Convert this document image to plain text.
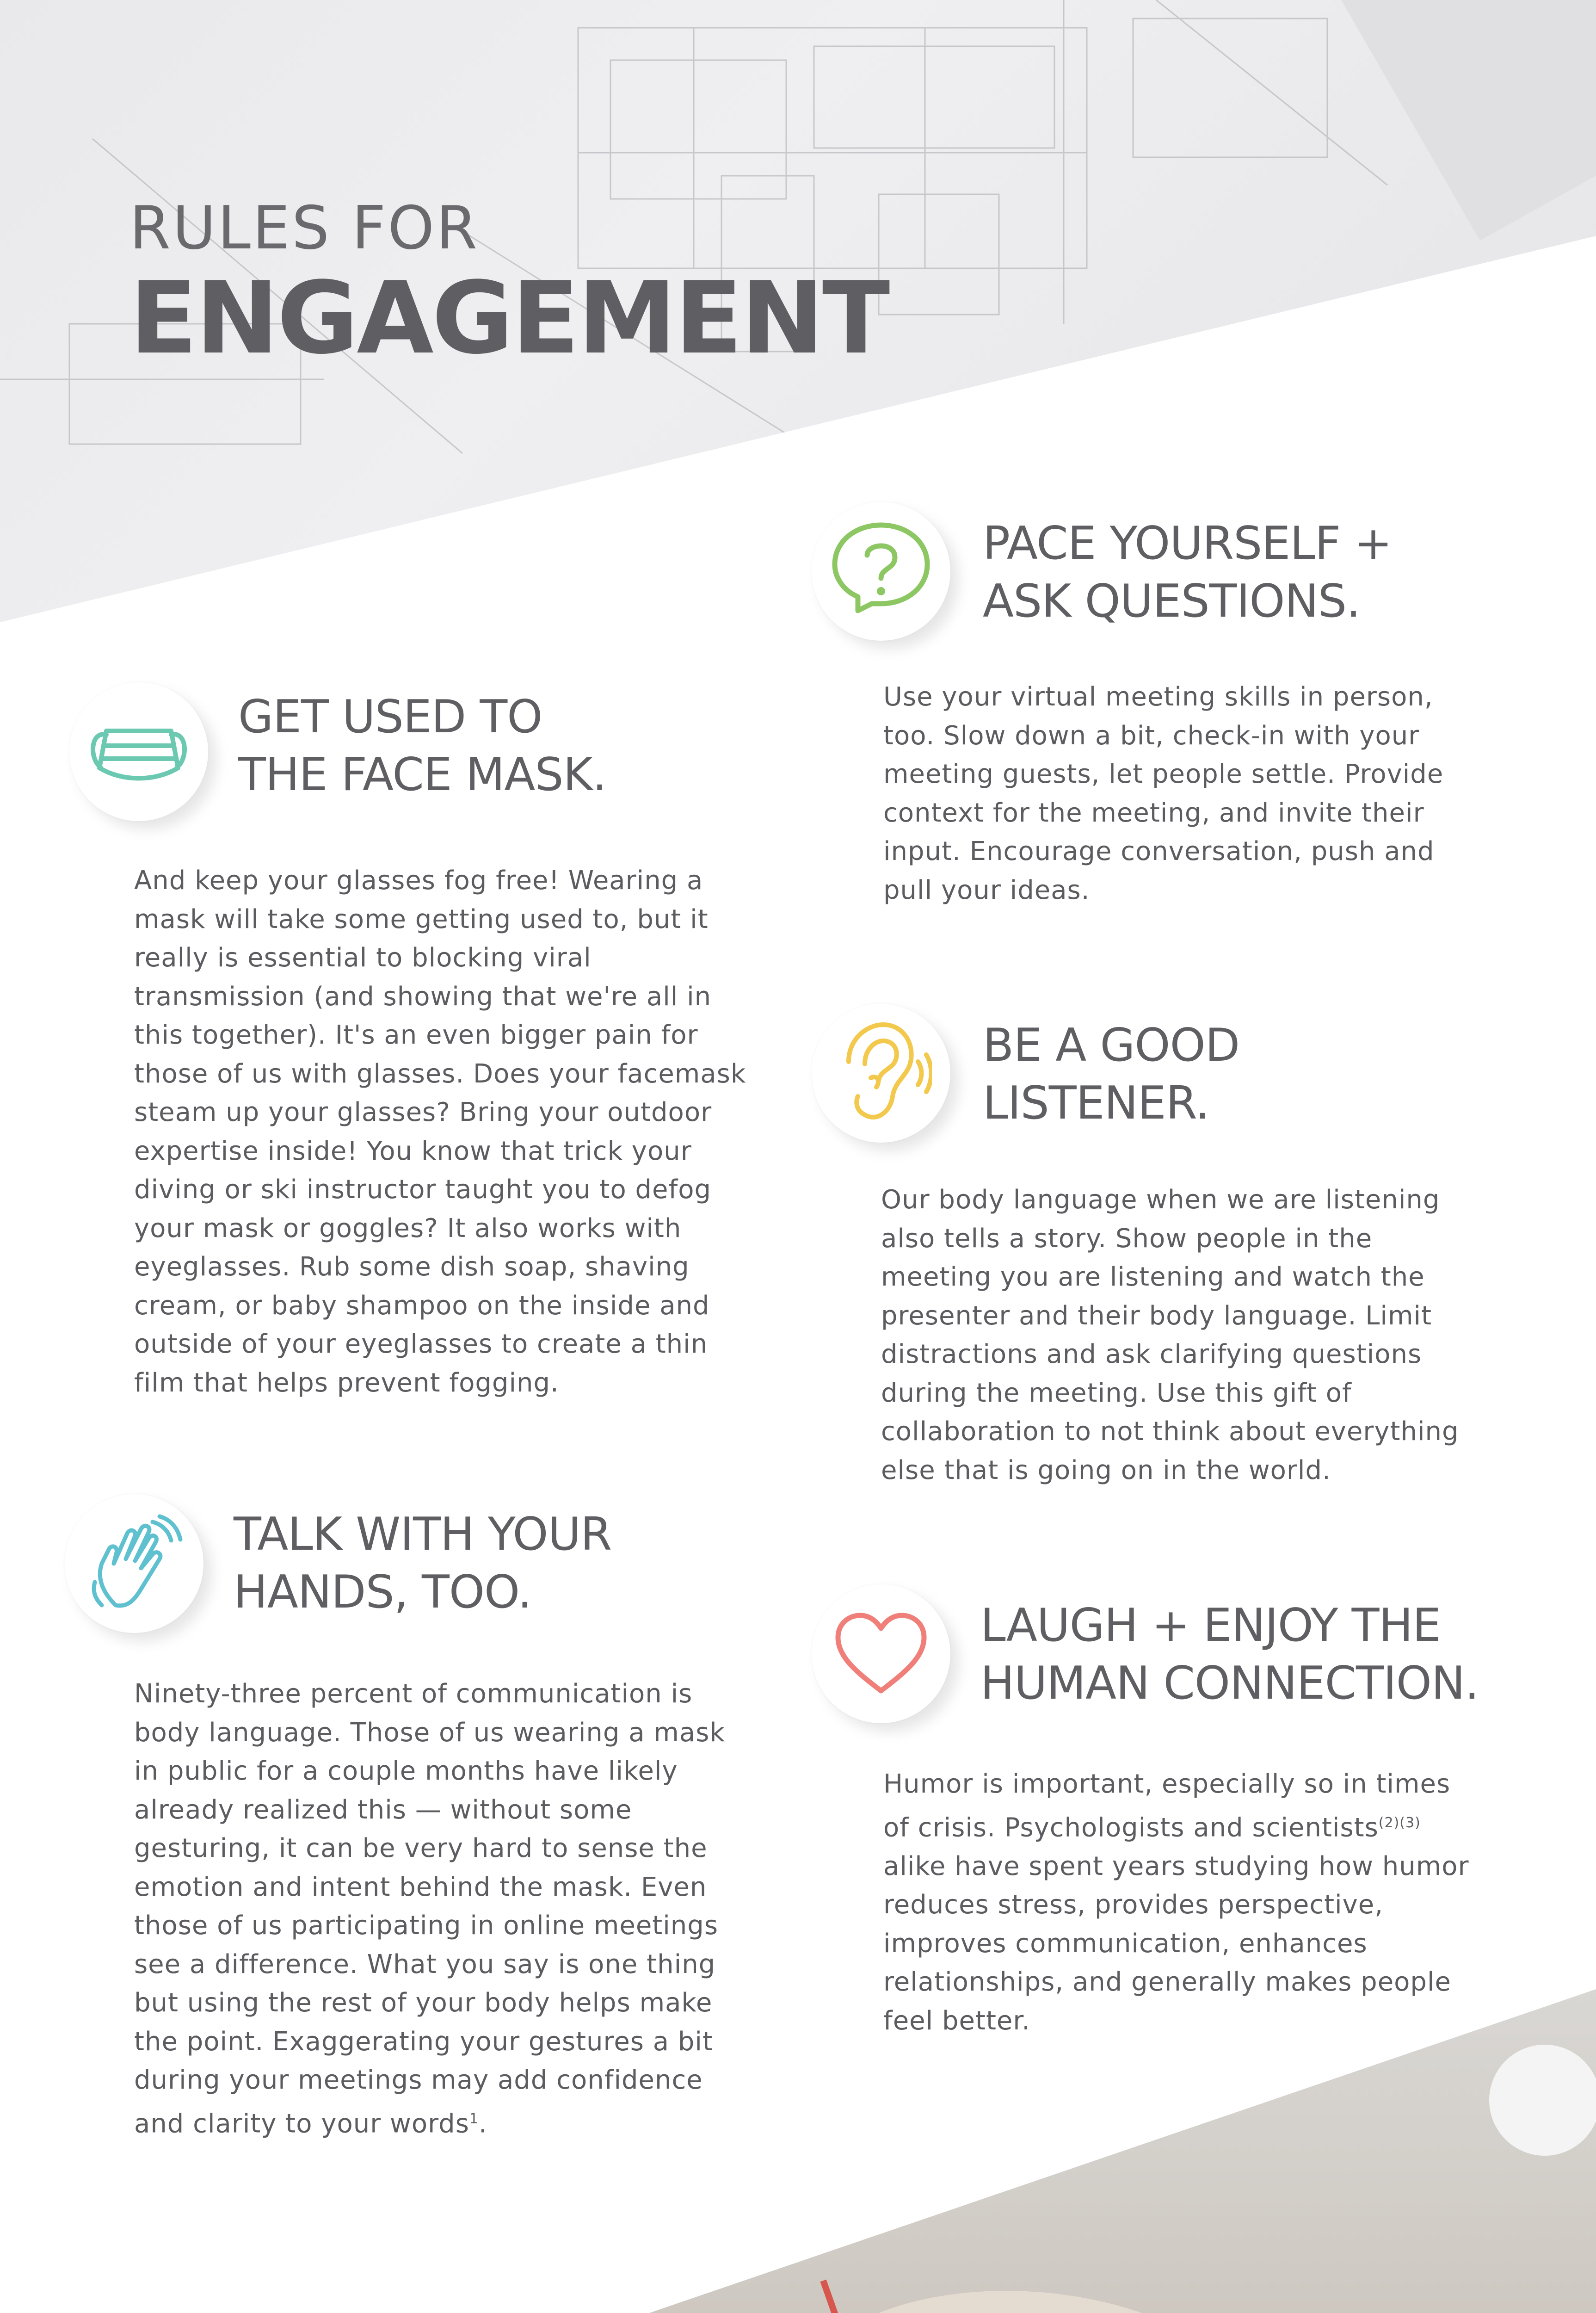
RULES FOR
ENGAGEMENT
GET USED TO
THE FACE MASK.
And keep your glasses fog free! Wearing a mask will take some getting used to, but it really is essential to blocking viral transmission (and showing that we're all in this together). It's an even bigger pain for those of us with glasses. Does your facemask steam up your glasses? Bring your outdoor expertise inside! You know that trick your diving or ski instructor taught you to defog your mask or goggles? It also works with eyeglasses. Rub some dish soap, shaving cream, or baby shampoo on the inside and outside of your eyeglasses to create a thin film that helps prevent fogging.
TALK WITH YOUR
HANDS, TOO.
Ninety-three percent of communication is body language. Those of us wearing a mask in public for a couple months have likely already realized this — without some gesturing, it can be very hard to sense the emotion and intent behind the mask. Even those of us participating in online meetings see a difference. What you say is one thing but using the rest of your body helps make the point. Exaggerating your gestures a bit during your meetings may add confidence and clarity to your words$^1$.
PACE YOURSELF +
ASK QUESTIONS.
Use your virtual meeting skills in person, too. Slow down a bit, check-in with your meeting guests, let people settle. Provide context for the meeting, and invite their input. Encourage conversation, push and pull your ideas.
BE A GOOD
LISTENER.
Our body language when we are listening also tells a story. Show people in the meeting you are listening and watch the presenter and their body language. Limit distractions and ask clarifying questions during the meeting. Use this gift of collaboration to not think about everything else that is going on in the world.
LAUGH + ENJOY THE
HUMAN CONNECTION.
Humor is important, especially so in times of crisis. Psychologists and scientists$^{(2)(3)}$ alike have spent years studying how humor reduces stress, provides perspective, improves communication, enhances relationships, and generally makes people feel better.
